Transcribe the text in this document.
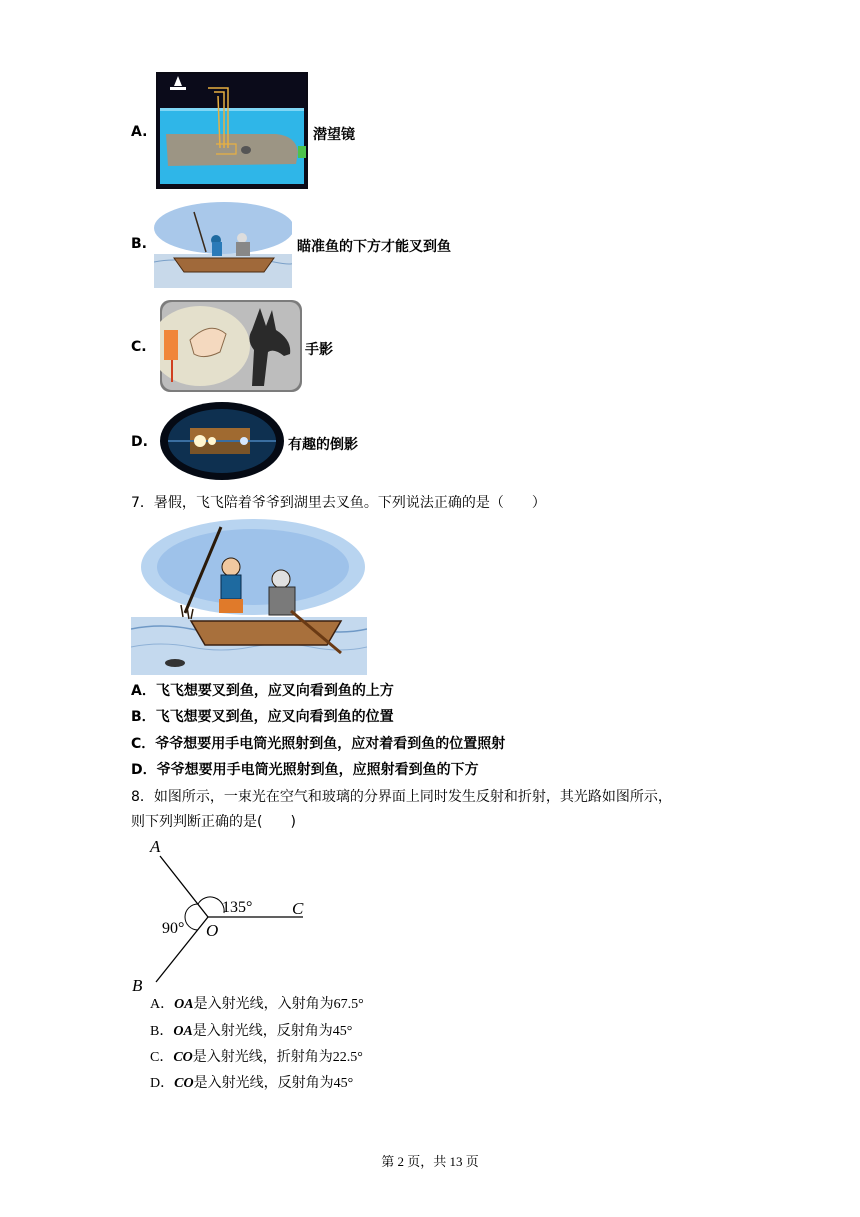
A.	潜望镜
B.	瞄准鱼的下方才能叉到鱼
C.	手影
D.	有趣的倒影
7．暑假，飞飞陪着爷爷到湖里去叉鱼。下列说法正确的是（　　）
A．飞飞想要叉到鱼，应叉向看到鱼的上方
B．飞飞想要叉到鱼，应叉向看到鱼的位置
C．爷爷想要用手电筒光照射到鱼，应对着看到鱼的位置照射
D．爷爷想要用手电筒光照射到鱼，应照射看到鱼的下方
8．如图所示，一束光在空气和玻璃的分界面上同时发生反射和折射，其光路如图所示，
则下列判断正确的是(　　)
A
B
C
O
135°
90°
A．OA是入射光线，入射角为67.5°
B．OA是入射光线，反射角为45°
C．CO是入射光线，折射角为22.5°
D．CO是入射光线，反射角为45°
第 2 页，共 13 页
